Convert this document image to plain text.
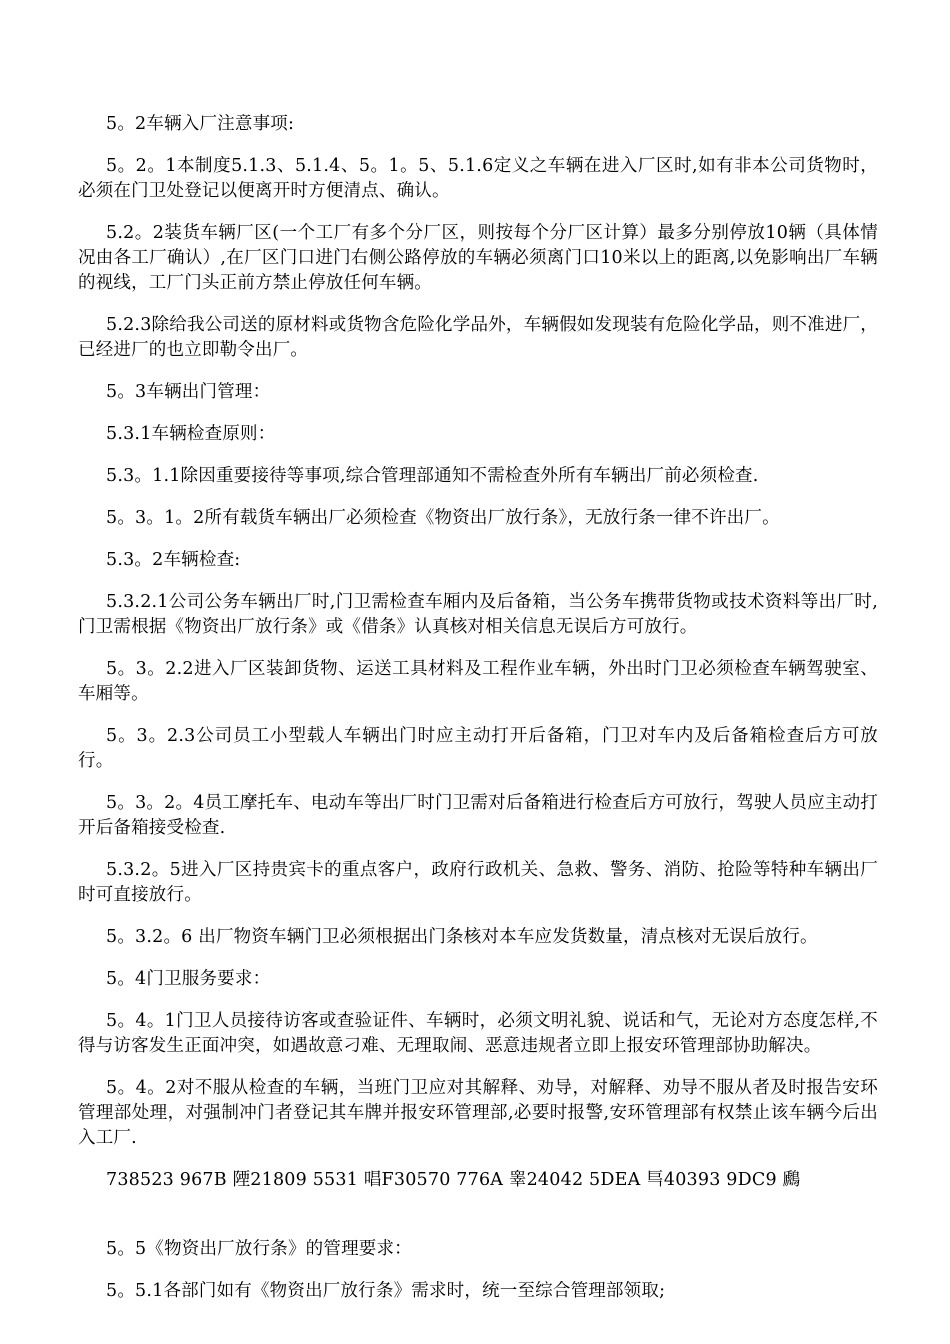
5。2车辆入厂注意事项:

5。2。1本制度5.1.3、5.1.4、5。1。5、5.1.6定义之车辆在进入厂区时,如有非本公司货物时，必须在门卫处登记以便离开时方便清点、确认。

5.2。2装货车辆厂区(一个工厂有多个分厂区，则按每个分厂区计算）最多分别停放10辆（具体情况由各工厂确认）,在厂区门口进门右侧公路停放的车辆必须离门口10米以上的距离,以免影响出厂车辆的视线，工厂门头正前方禁止停放任何车辆。

5.2.3除给我公司送的原材料或货物含危险化学品外，车辆假如发现装有危险化学品，则不准进厂，已经进厂的也立即勒令出厂。

5。3车辆出门管理：

5.3.1车辆检查原则：

5.3。1.1除因重要接待等事项,综合管理部通知不需检查外所有车辆出厂前必须检查.

5。3。1。2所有载货车辆出厂必须检查《物资出厂放行条》，无放行条一律不许出厂。

5.3。2车辆检查:

5.3.2.1公司公务车辆出厂时,门卫需检查车厢内及后备箱，当公务车携带货物或技术资料等出厂时,门卫需根据《物资出厂放行条》或《借条》认真核对相关信息无误后方可放行。

5。3。2.2进入厂区装卸货物、运送工具材料及工程作业车辆，外出时门卫必须检查车辆驾驶室、车厢等。

5。3。2.3公司员工小型载人车辆出门时应主动打开后备箱，门卫对车内及后备箱检查后方可放行。

5。3。2。4员工摩托车、电动车等出厂时门卫需对后备箱进行检查后方可放行，驾驶人员应主动打开后备箱接受检查.

5.3.2。5进入厂区持贵宾卡的重点客户，政府行政机关、急救、警务、消防、抢险等特种车辆出厂时可直接放行。

5。3.2。6 出厂物资车辆门卫必须根据出门条核对本车应发货数量，清点核对无误后放行。

5。4门卫服务要求：

5。4。1门卫人员接待访客或查验证件、车辆时，必须文明礼貌、说话和气，无论对方态度怎样,不得与访客发生正面冲突，如遇故意刁难、无理取闹、恶意违规者立即上报安环管理部协助解决。

5。4。2对不服从检查的车辆，当班门卫应对其解释、劝导，对解释、劝导不服从者及时报告安环管理部处理，对强制冲门者登记其车牌并报安环管理部,必要时报警,安环管理部有权禁止该车辆今后出入工厂.

738523 967B 陻21809 5531 唱F30570 776A 睾24042 5DEA 巪40393 9DC9 鷉

5。5《物资出厂放行条》的管理要求：

5。5.1各部门如有《物资出厂放行条》需求时，统一至综合管理部领取;
